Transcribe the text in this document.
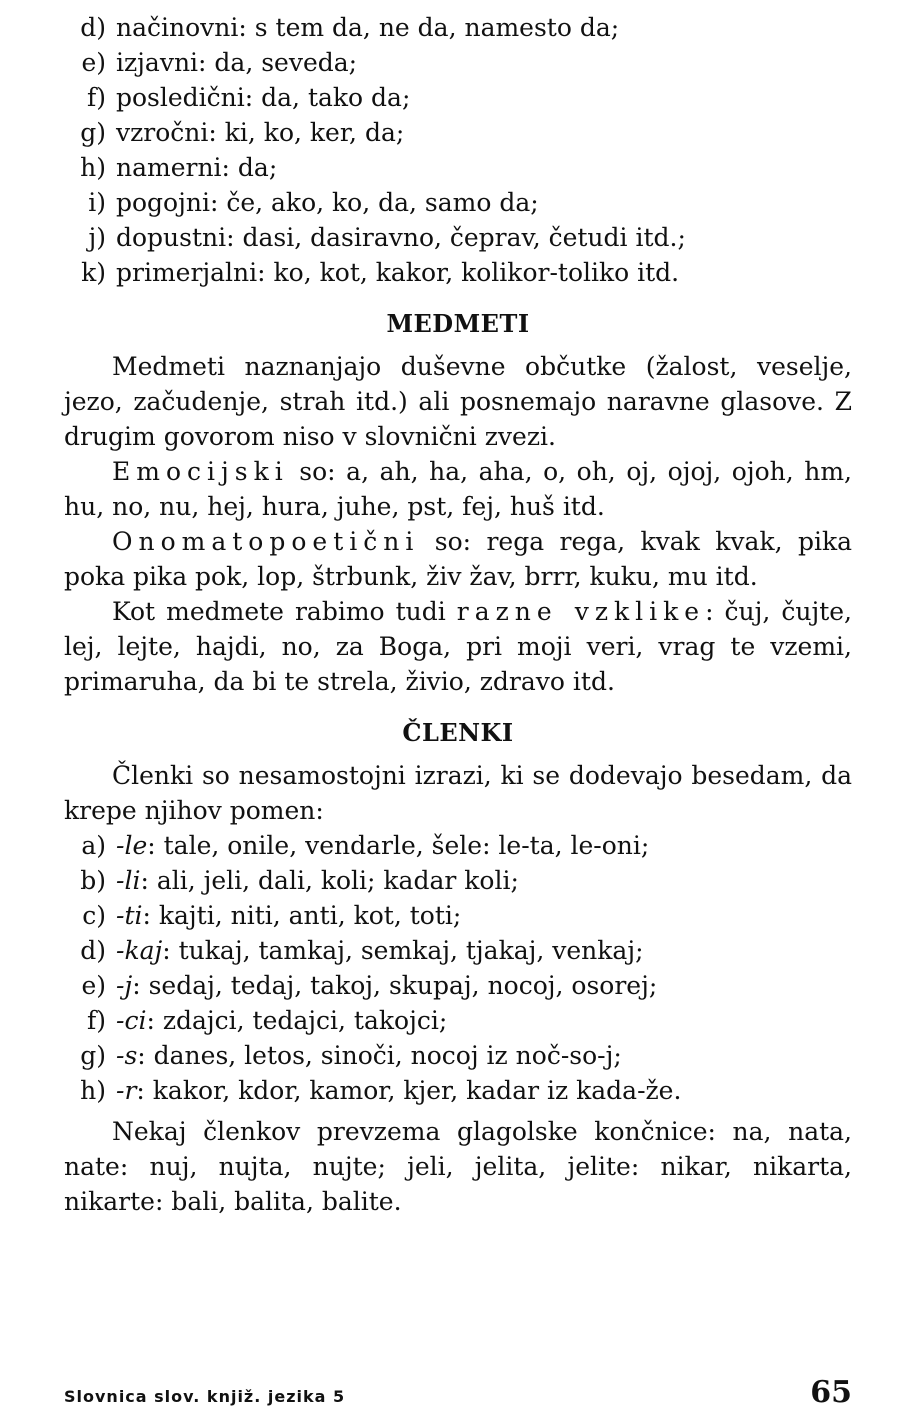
d) načinovni: s tem da, ne da, namesto da;
e) izjavni: da, seveda;
f) posledični: da, tako da;
g) vzročni: ki, ko, ker, da;
h) namerni: da;
i) pogojni: če, ako, ko, da, samo da;
j) dopustni: dasi, dasiravno, čeprav, četudi itd.;
k) primerjalni: ko, kot, kakor, kolikor-toliko itd.
MEDMETI

Medmeti naznanjajo duševne občutke (žalost, veselje, jezo, začudenje, strah itd.) ali posnemajo naravne glasove. Z drugim govorom niso v slovnični zvezi.

Emocijski so: a, ah, ha, aha, o, oh, oj, ojoj, ojoh, hm, hu, no, nu, hej, hura, juhe, pst, fej, huš itd.

Onomatopoetični so: rega rega, kvak kvak, pika poka pika pok, lop, štrbunk, živ žav, brrr, kuku, mu itd.

Kot medmete rabimo tudi razne vzklike: čuj, čujte, lej, lejte, hajdi, no, za Boga, pri moji veri, vrag te vzemi, primaruha, da bi te strela, živio, zdravo itd.

ČLENKI

Členki so nesamostojni izrazi, ki se dodevajo besedam, da krepe njihov pomen:

a) -le : tale, onile, vendarle, šele: le-ta, le-oni;
b) -li : ali, jeli, dali, koli; kadar koli;
c) -ti : kajti, niti, anti, kot, toti;
d) -kaj : tukaj, tamkaj, semkaj, tjakaj, venkaj;
e) -j : sedaj, tedaj, takoj, skupaj, nocoj, osorej;
f) -ci : zdajci, tedajci, takojci;
g) -s : danes, letos, sinoči, nocoj iz noč-so-j;
h) -r : kakor, kdor, kamor, kjer, kadar iz kada-že.

Nekaj členkov prevzema glagolske končnice: na, nata, nate: nuj, nujta, nujte; jeli, jelita, jelite: nikar, nikarta, nikarte: bali, balita, balite.

Slovnica slov. knjiž. jezika 5	65
